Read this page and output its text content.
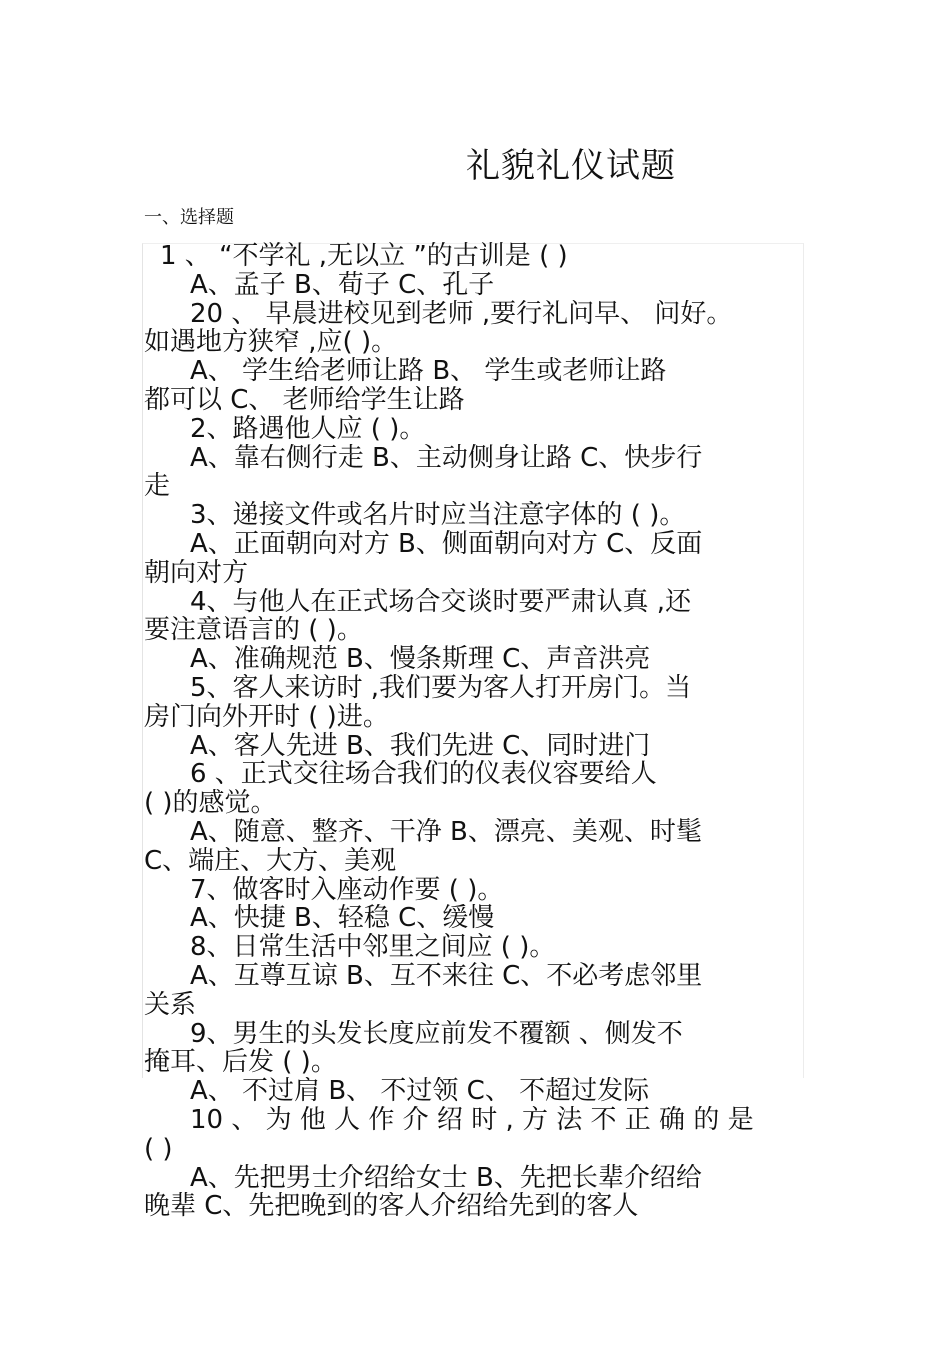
礼貌礼仪试题
一、选择题
1 、 “不学礼 ,无以立 ”的古训是 ( )
A、孟子 B、荀子 C、孔子
20 、 早晨进校见到老师 ,要行礼问早、 问好。
如遇地方狭窄 ,应( )。
A、 学生给老师让路 B、 学生或老师让路
都可以 C、 老师给学生让路
2、路遇他人应 ( )。
A、靠右侧行走 B、主动侧身让路 C、快步行
走
3、递接文件或名片时应当注意字体的 ( )。
A、正面朝向对方 B、侧面朝向对方 C、反面
朝向对方
4、与他人在正式场合交谈时要严肃认真 ,还
要注意语言的 ( )。
A、准确规范 B、慢条斯理 C、声音洪亮
5、客人来访时 ,我们要为客人打开房门。当
房门向外开时 ( )进。
A、客人先进 B、我们先进 C、同时进门
6 、正式交往场合我们的仪表仪容要给人
( )的感觉。
A、随意、整齐、干净 B、漂亮、美观、时髦
C、端庄、大方、美观
7、做客时入座动作要 ( )。
A、快捷 B、轻稳 C、缓慢
8、日常生活中邻里之间应 ( )。
A、互尊互谅 B、互不来往 C、不必考虑邻里
关系
9、男生的头发长度应前发不覆额 、侧发不
掩耳、后发 ( )。
A、 不过肩 B、 不过领 C、 不超过发际
10 、 为 他 人 作 介 绍 时 , 方 法 不 正 确 的 是
( )
A、先把男士介绍给女士 B、先把长辈介绍给
晚辈 C、先把晚到的客人介绍给先到的客人
